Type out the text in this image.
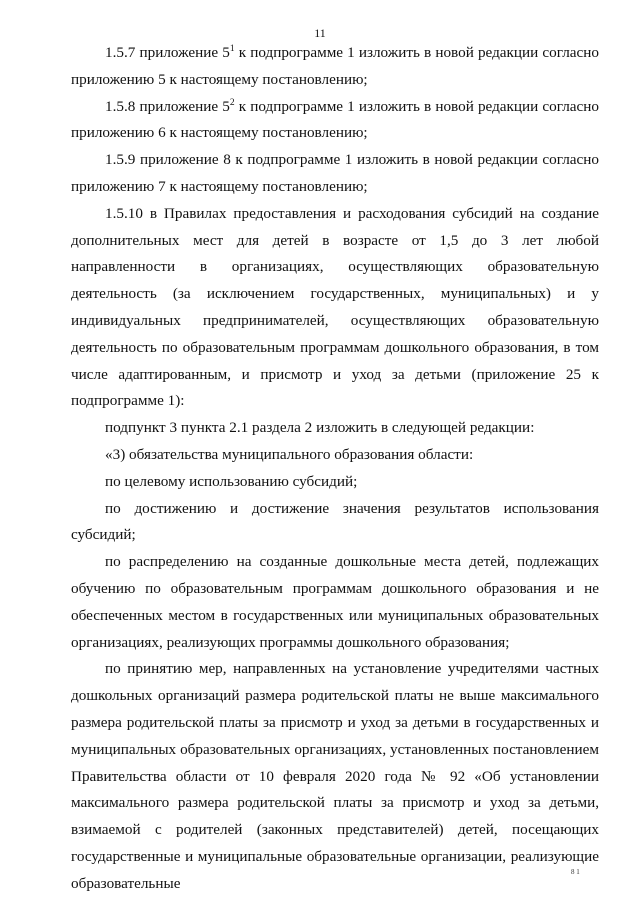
11

1.5.7 приложение $5^1$ к подпрограмме 1 изложить в новой редакции согласно приложению 5 к настоящему постановлению;

1.5.8 приложение $5^2$ к подпрограмме 1 изложить в новой редакции согласно приложению 6 к настоящему постановлению;

1.5.9 приложение 8 к подпрограмме 1 изложить в новой редакции согласно приложению 7 к настоящему постановлению;

1.5.10 в Правилах предоставления и расходования субсидий на создание дополнительных мест для детей в возрасте от 1,5 до 3 лет любой направленности в организациях, осуществляющих образовательную деятельность (за исключением государственных, муниципальных) и у индивидуальных предпринимателей, осуществляющих образовательную деятельность по образовательным программам дошкольного образования, в том числе адаптированным, и присмотр и уход за детьми (приложение 25 к подпрограмме 1):

подпункт 3 пункта 2.1 раздела 2 изложить в следующей редакции:

«3) обязательства муниципального образования области:

по целевому использованию субсидий;

по достижению и достижение значения результатов использования субсидий;

по распределению на созданные дошкольные места детей, подлежащих обучению по образовательным программам дошкольного образования и не обеспеченных местом в государственных или муниципальных образовательных организациях, реализующих программы дошкольного образования;

по принятию мер, направленных на установление учредителями частных дошкольных организаций размера родительской платы не выше максимального размера родительской платы за присмотр и уход за детьми в государственных и муниципальных образовательных организациях, установленных постановлением Правительства области от 10 февраля 2020 года № 92 «Об установлении максимального размера родительской платы за присмотр и уход за детьми, взимаемой с родителей (законных представителей) детей, посещающих государственные и муниципальные образовательные организации, реализующие образовательные

8 1
